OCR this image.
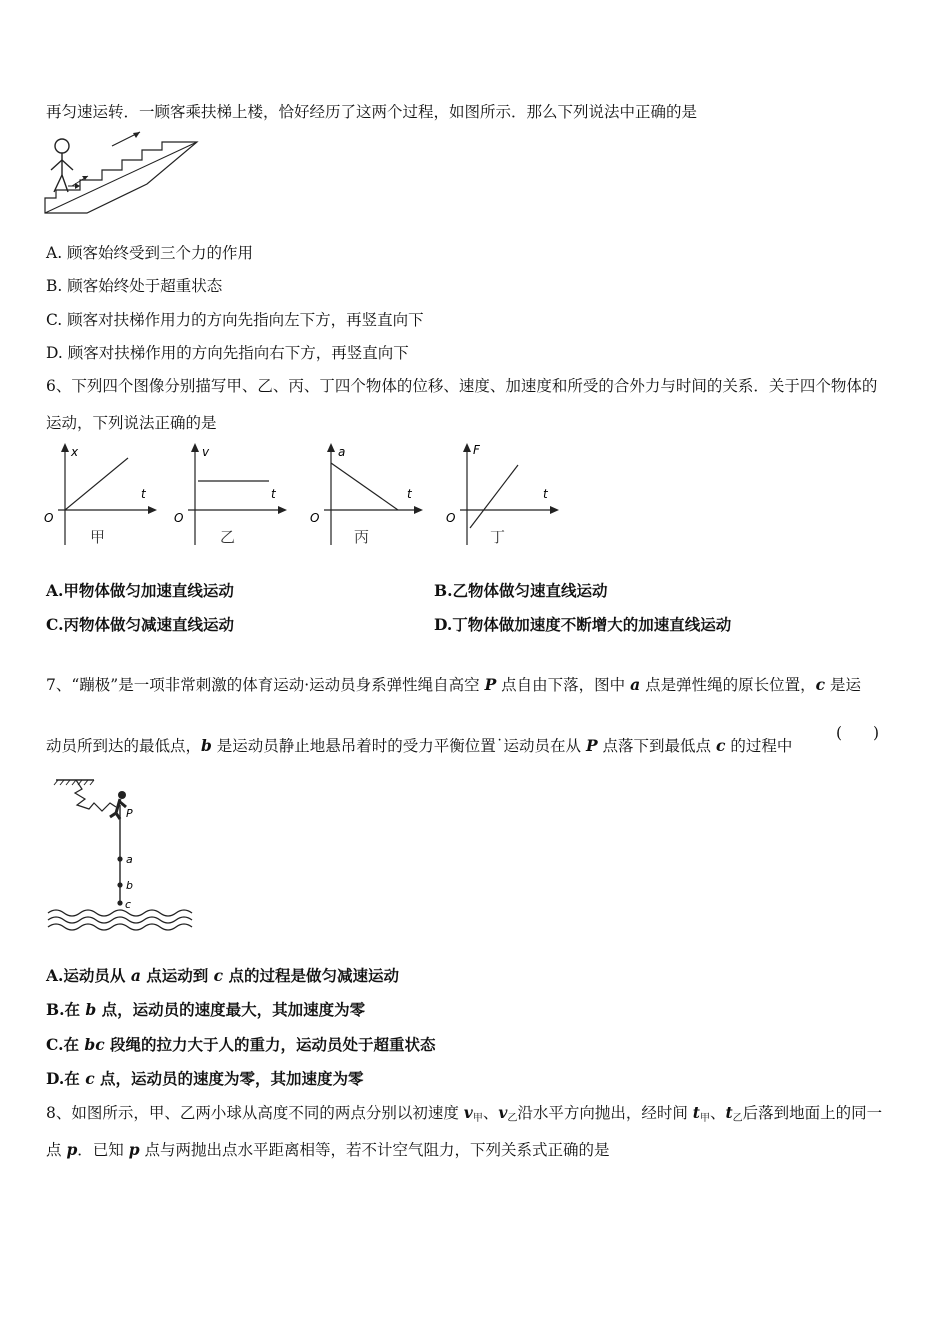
再匀速运转．一顾客乘扶梯上楼，恰好经历了这两个过程，如图所示．那么下列说法中正确的是
A. 顾客始终受到三个力的作用
B. 顾客始终处于超重状态
C. 顾客对扶梯作用力的方向先指向左下方，再竖直向下
D. 顾客对扶梯作用的方向先指向右下方，再竖直向下
6、下列四个图像分别描写甲、乙、丙、丁四个物体的位移、速度、加速度和所受的合外力与时间的关系．关于四个物体的
运动，下列说法正确的是
x
t
O
甲
v
t
O
乙
a
t
O
丙
F
t
O
丁
A.甲物体做匀加速直线运动	B.乙物体做匀速直线运动
C.丙物体做匀减速直线运动	D.丁物体做加速度不断增大的加速直线运动
7、“蹦极”是一项非常刺激的体育运动·运动员身系弹性绳自高空 P 点自由下落，图中 a 点是弹性绳的原长位置，c 是运
动员所到达的最低点，b 是运动员静止地悬吊着时的受力平衡位置˙运动员在从 P 点落下到最低点 c 的过程中
(　　)
P
a
b
c
A.运动员从 a 点运动到 c 点的过程是做匀减速运动
B.在 b 点，运动员的速度最大，其加速度为零
C.在 bc 段绳的拉力大于人的重力，运动员处于超重状态
D.在 c 点，运动员的速度为零，其加速度为零
8、如图所示，甲、乙两小球从高度不同的两点分别以初速度 $v_甲$、$v_乙$沿水平方向抛出，经时间 $t_甲$、$t_乙$后落到地面上的同一
点 p．已知 p 点与两抛出点水平距离相等，若不计空气阻力，下列关系式正确的是
